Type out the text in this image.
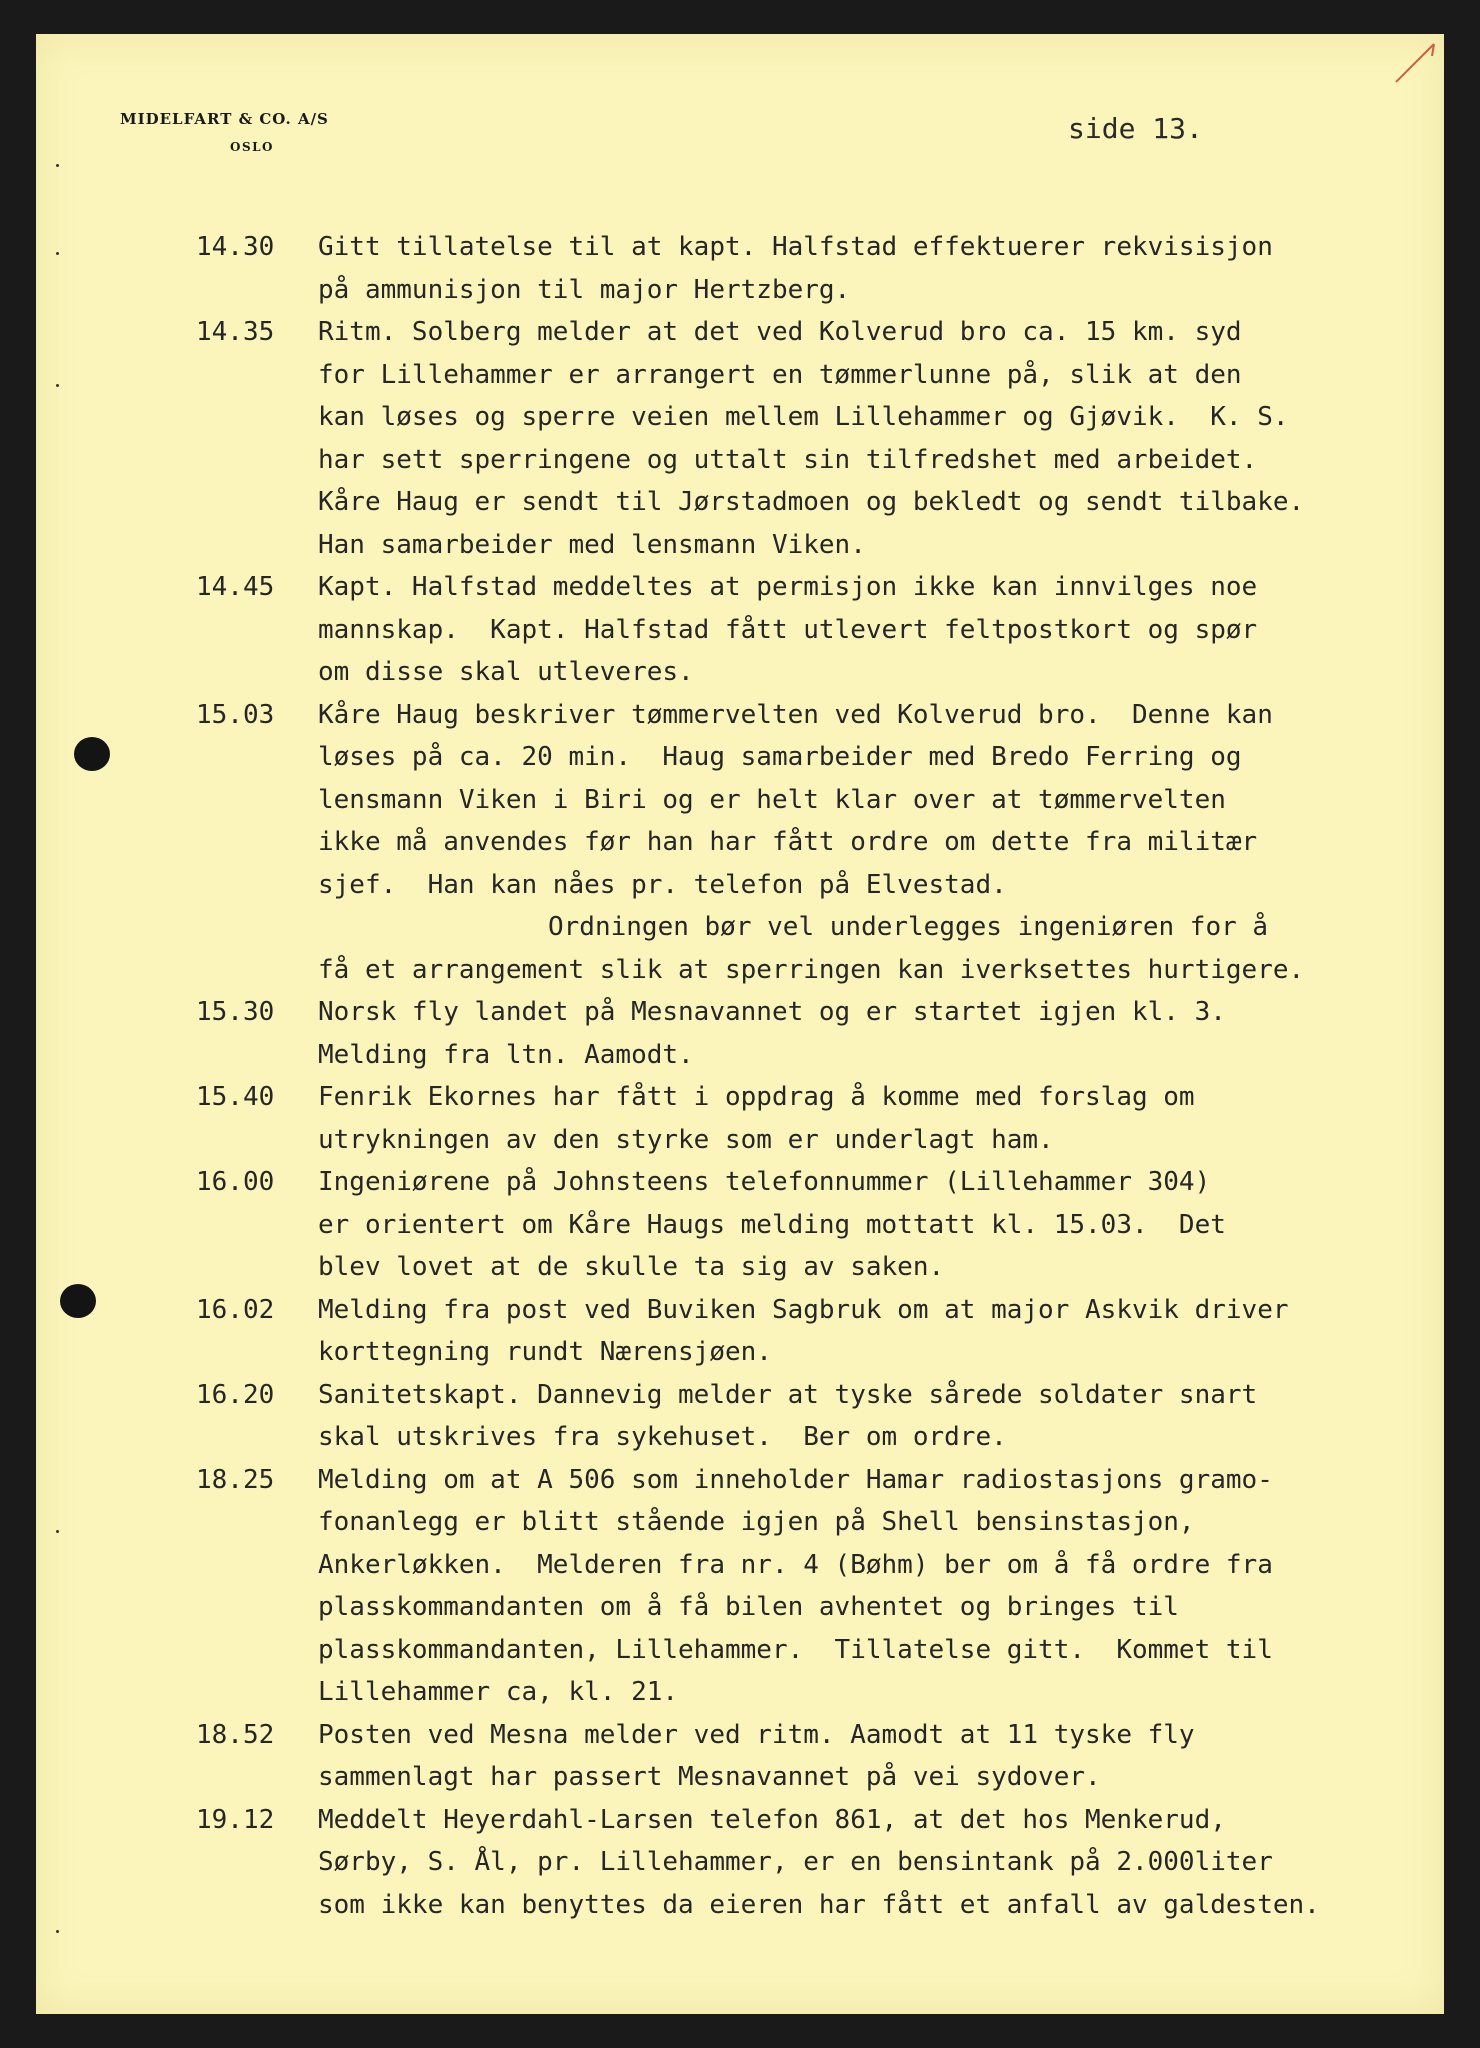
MIDELFART & CO. A/S
OSLO
side 13.
14.30	Gitt tillatelse til at kapt. Halfstad effektuerer rekvisisjon
på ammunisjon til major Hertzberg.
14.35	Ritm. Solberg melder at det ved Kolverud bro ca. 15 km. syd
for Lillehammer er arrangert en tømmerlunne på, slik at den
kan løses og sperre veien mellem Lillehammer og Gjøvik.  K. S.
har sett sperringene og uttalt sin tilfredshet med arbeidet.
Kåre Haug er sendt til Jørstadmoen og bekledt og sendt tilbake.
Han samarbeider med lensmann Viken.
14.45	Kapt. Halfstad meddeltes at permisjon ikke kan innvilges noe
mannskap.  Kapt. Halfstad fått utlevert feltpostkort og spør
om disse skal utleveres.
15.03	Kåre Haug beskriver tømmervelten ved Kolverud bro.  Denne kan
løses på ca. 20 min.  Haug samarbeider med Bredo Ferring og
lensmann Viken i Biri og er helt klar over at tømmervelten
ikke må anvendes før han har fått ordre om dette fra militær
sjef.  Han kan nåes pr. telefon på Elvestad.
Ordningen bør vel underlegges ingeniøren for å
få et arrangement slik at sperringen kan iverksettes hurtigere.
15.30	Norsk fly landet på Mesnavannet og er startet igjen kl. 3.
Melding fra ltn. Aamodt.
15.40	Fenrik Ekornes har fått i oppdrag å komme med forslag om
utrykningen av den styrke som er underlagt ham.
16.00	Ingeniørene på Johnsteens telefonnummer (Lillehammer 304)
er orientert om Kåre Haugs melding mottatt kl. 15.03.  Det
blev lovet at de skulle ta sig av saken.
16.02	Melding fra post ved Buviken Sagbruk om at major Askvik driver
korttegning rundt Nærensjøen.
16.20	Sanitetskapt. Dannevig melder at tyske sårede soldater snart
skal utskrives fra sykehuset.  Ber om ordre.
18.25	Melding om at A 506 som inneholder Hamar radiostasjons gramo-
fonanlegg er blitt stående igjen på Shell bensinstasjon,
Ankerløkken.  Melderen fra nr. 4 (Bøhm) ber om å få ordre fra
plasskommandanten om å få bilen avhentet og bringes til
plasskommandanten, Lillehammer.  Tillatelse gitt.  Kommet til
Lillehammer ca, kl. 21.
18.52	Posten ved Mesna melder ved ritm. Aamodt at 11 tyske fly
sammenlagt har passert Mesnavannet på vei sydover.
19.12	Meddelt Heyerdahl-Larsen telefon 861, at det hos Menkerud,
Sørby, S. Ål, pr. Lillehammer, er en bensintank på 2.000liter
som ikke kan benyttes da eieren har fått et anfall av galdesten.
